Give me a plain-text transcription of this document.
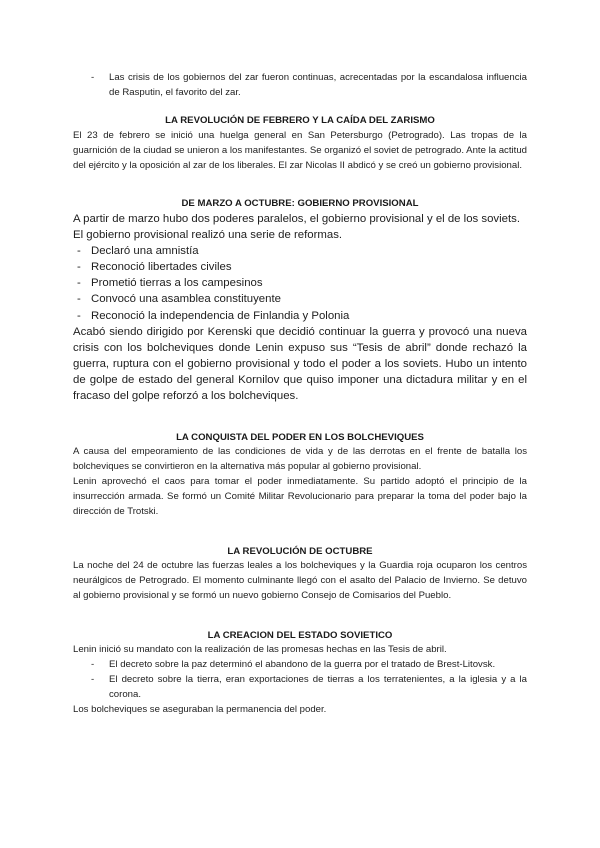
- Las crisis de los gobiernos del zar fueron continuas, acrecentadas por la escandalosa influencia de Rasputin, el favorito del zar.
LA REVOLUCIÓN DE FEBRERO Y LA CAÍDA DEL ZARISMO

El 23 de febrero se inició una huelga general en San Petersburgo (Petrogrado). Las tropas de la guarnición de la ciudad se unieron a los manifestantes. Se organizó el soviet de petrogrado. Ante la actitud del ejército y la oposición al zar de los liberales. El zar Nicolas II abdicó y se creó un gobierno provisional.

DE MARZO A OCTUBRE: GOBIERNO PROVISIONAL

A partir de marzo hubo dos poderes paralelos, el gobierno provisional y el de los soviets.

El gobierno provisional realizó una serie de reformas.

- Declaró una amnistía
- Reconoció libertades civiles
- Prometió tierras a los campesinos
- Convocó una asamblea constituyente
- Reconoció la independencia de Finlandia y Polonia

Acabó siendo dirigido por Kerenski que decidió continuar la guerra y provocó una nueva crisis con los bolcheviques donde Lenin expuso sus “Tesis de abril” donde rechazó la guerra, ruptura con el gobierno provisional y todo el poder a los soviets. Hubo un intento de golpe de estado del general Kornilov que quiso imponer una dictadura militar y en el fracaso del golpe reforzó a los bolcheviques.

LA CONQUISTA DEL PODER EN LOS BOLCHEVIQUES

A causa del empeoramiento de las condiciones de vida y de las derrotas en el frente de batalla los bolcheviques se convirtieron en la alternativa más popular al gobierno provisional.

Lenin aprovechó el caos para tomar el poder inmediatamente. Su partido adoptó el principio de la insurrección armada. Se formó un Comité Militar Revolucionario para preparar la toma del poder bajo la dirección de Trotski.

LA REVOLUCIÓN DE OCTUBRE

La noche del 24 de octubre las fuerzas leales a los bolcheviques y la Guardia roja ocuparon los centros neurálgicos de Petrogrado. El momento culminante llegó con el asalto del Palacio de Invierno. Se detuvo al gobierno provisional y se formó un nuevo gobierno Consejo de Comisarios del Pueblo.

LA CREACION DEL ESTADO SOVIETICO

Lenin inició su mandato con la realización de las promesas hechas en las Tesis de abril.

- El decreto sobre la paz determinó el abandono de la guerra por el tratado de Brest-Litovsk.
- El decreto sobre la tierra, eran exportaciones de tierras a los terratenientes, a la iglesia y a la corona.

Los bolcheviques se aseguraban la permanencia del poder.
